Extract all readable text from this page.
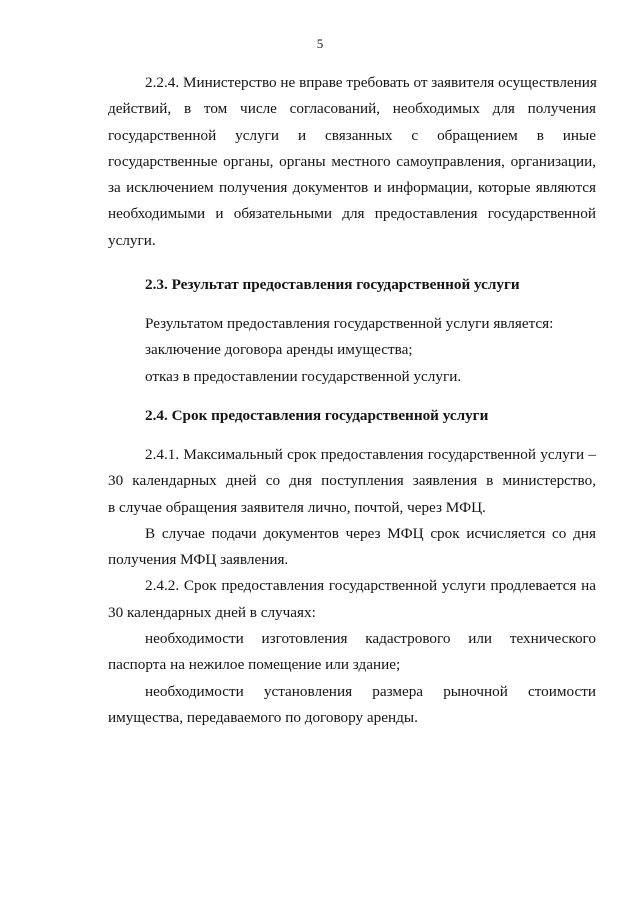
5
2.2.4. Министерство не вправе требовать от заявителя осуществления
действий, в том числе согласований, необходимых для получения
государственной услуги и связанных с обращением в иные
государственные органы, органы местного самоуправления, организации,
за исключением получения документов и информации, которые являются
необходимыми и обязательными для предоставления государственной
услуги.
2.3. Результат предоставления государственной услуги
Результатом предоставления государственной услуги является:
заключение договора аренды имущества;
отказ в предоставлении государственной услуги.
2.4. Срок предоставления государственной услуги
2.4.1. Максимальный срок предоставления государственной услуги –
30 календарных дней со дня поступления заявления в министерство,
в случае обращения заявителя лично, почтой, через МФЦ.
В случае подачи документов через МФЦ срок исчисляется со дня
получения МФЦ заявления.
2.4.2. Срок предоставления государственной услуги продлевается на
30 календарных дней в случаях:
необходимости изготовления кадастрового или технического
паспорта на нежилое помещение или здание;
необходимости установления размера рыночной стоимости
имущества, передаваемого по договору аренды.
